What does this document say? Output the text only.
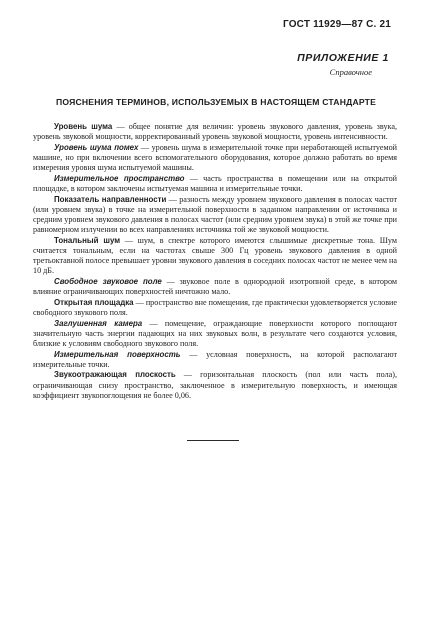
ГОСТ 11929—87 С. 21
ПРИЛОЖЕНИЕ 1
Справочное
ПОЯСНЕНИЯ ТЕРМИНОВ, ИСПОЛЬЗУЕМЫХ В НАСТОЯЩЕМ СТАНДАРТЕ

Уровень шума — общее понятие для величин: уровень звукового давления, уровень звука, уровень звуковой мощности, корректированный уровень звуковой мощности, уровень интенсивности.

Уровень шума помех — уровень шума в измерительной точке при неработающей испытуемой машине, но при включении всего вспомогательного оборудования, которое должно работать во время измерения уровня шума испытуемой машины.

Измерительное пространство — часть пространства в помещении или на открытой площадке, в котором заключены испытуемая машина и измерительные точки.

Показатель направленности — разность между уровнем звукового давления в полосах частот (или уровнем звука) в точке на измерительной поверхности в заданном направлении от источника и средним уровнем звукового давления в полосах частот (или средним уровнем звука) в этой же точке при равномерном излучении во всех направлениях источника той же звуковой мощности.

Тональный шум — шум, в спектре которого имеются слышимые дискретные тона. Шум считается тональным, если на частотах свыше 300 Гц уровень звукового давления в одной третьоктавной полосе превышает уровни звукового давления в соседних полосах частот не менее чем на 10 дБ.

Свободное звуковое поле — звуковое поле в однородной изотропной среде, в котором влияние ограничивающих поверхностей ничтожно мало.

Открытая площадка — пространство вне помещения, где практически удовлетворяется условие свободного звукового поля.

Заглушенная камера — помещение, ограждающие поверхности которого поглощают значительную часть энергии падающих на них звуковых волн, в результате чего создаются условия, близкие к условиям свободного звукового поля.

Измерительная поверхность — условная поверхность, на которой располагают измерительные точки.

Звукоотражающая плоскость — горизонтальная плоскость (пол или часть пола), ограничивающая снизу пространство, заключенное в измерительную поверхность, и имеющая коэффициент звукопоглощения не более 0,06.
